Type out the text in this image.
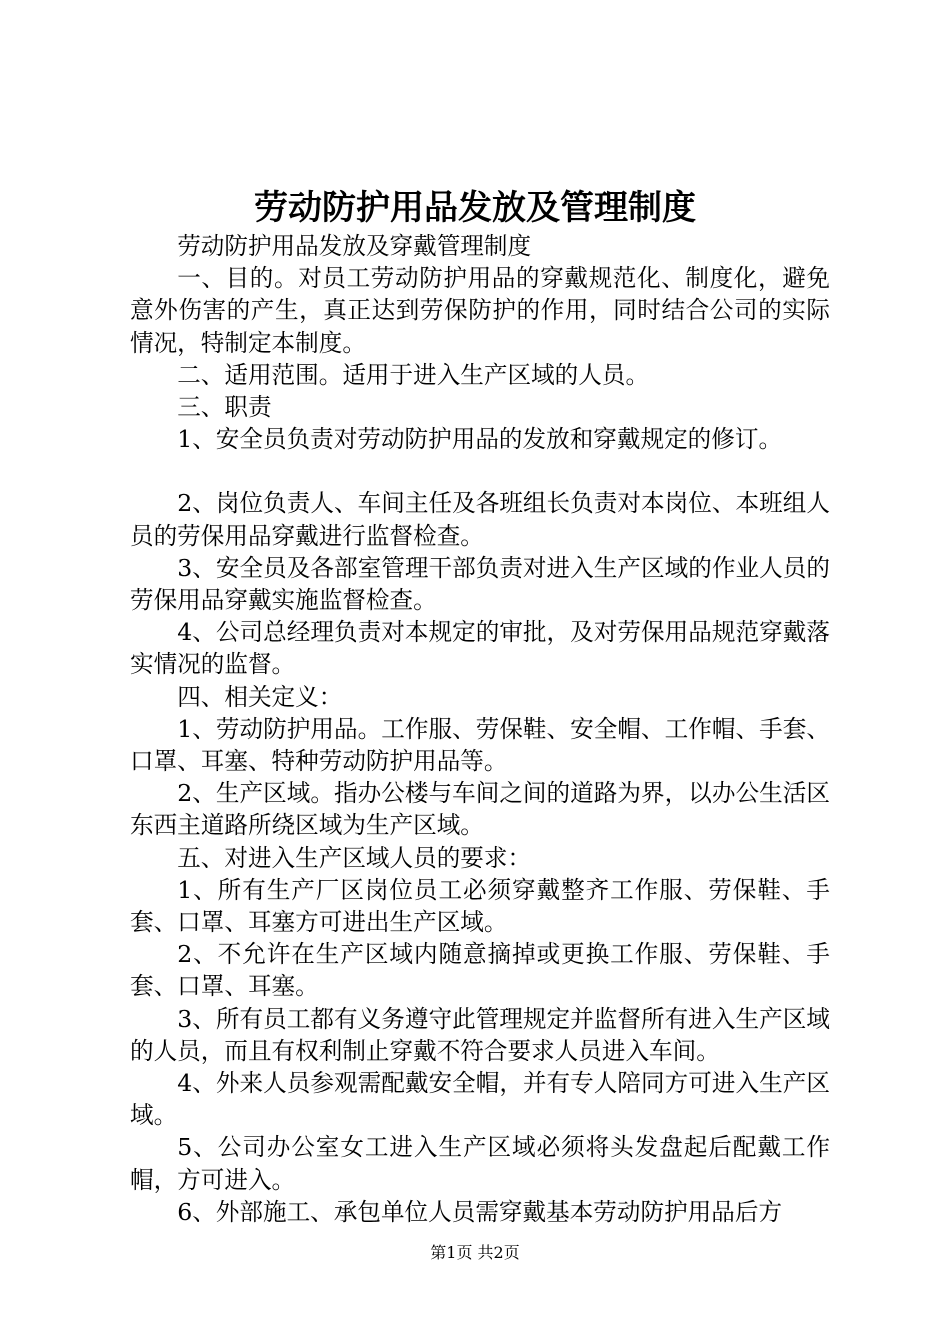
劳动防护用品发放及管理制度

劳动防护用品发放及穿戴管理制度

一、目的。对员工劳动防护用品的穿戴规范化、制度化，避免意外伤害的产生，真正达到劳保防护的作用，同时结合公司的实际情况，特制定本制度。

二、适用范围。适用于进入生产区域的人员。

三、职责

1、安全员负责对劳动防护用品的发放和穿戴规定的修订。

2、岗位负责人、车间主任及各班组长负责对本岗位、本班组人员的劳保用品穿戴进行监督检查。

3、安全员及各部室管理干部负责对进入生产区域的作业人员的劳保用品穿戴实施监督检查。

4、公司总经理负责对本规定的审批，及对劳保用品规范穿戴落实情况的监督。

四、相关定义：

1、劳动防护用品。工作服、劳保鞋、安全帽、工作帽、手套、口罩、耳塞、特种劳动防护用品等。

2、生产区域。指办公楼与车间之间的道路为界，以办公生活区东西主道路所绕区域为生产区域。

五、对进入生产区域人员的要求：

1、所有生产厂区岗位员工必须穿戴整齐工作服、劳保鞋、手套、口罩、耳塞方可进出生产区域。

2、不允许在生产区域内随意摘掉或更换工作服、劳保鞋、手套、口罩、耳塞。

3、所有员工都有义务遵守此管理规定并监督所有进入生产区域的人员，而且有权利制止穿戴不符合要求人员进入车间。

4、外来人员参观需配戴安全帽，并有专人陪同方可进入生产区域。

5、公司办公室女工进入生产区域必须将头发盘起后配戴工作帽，方可进入。

6、外部施工、承包单位人员需穿戴基本劳动防护用品后方

第1页 共2页
